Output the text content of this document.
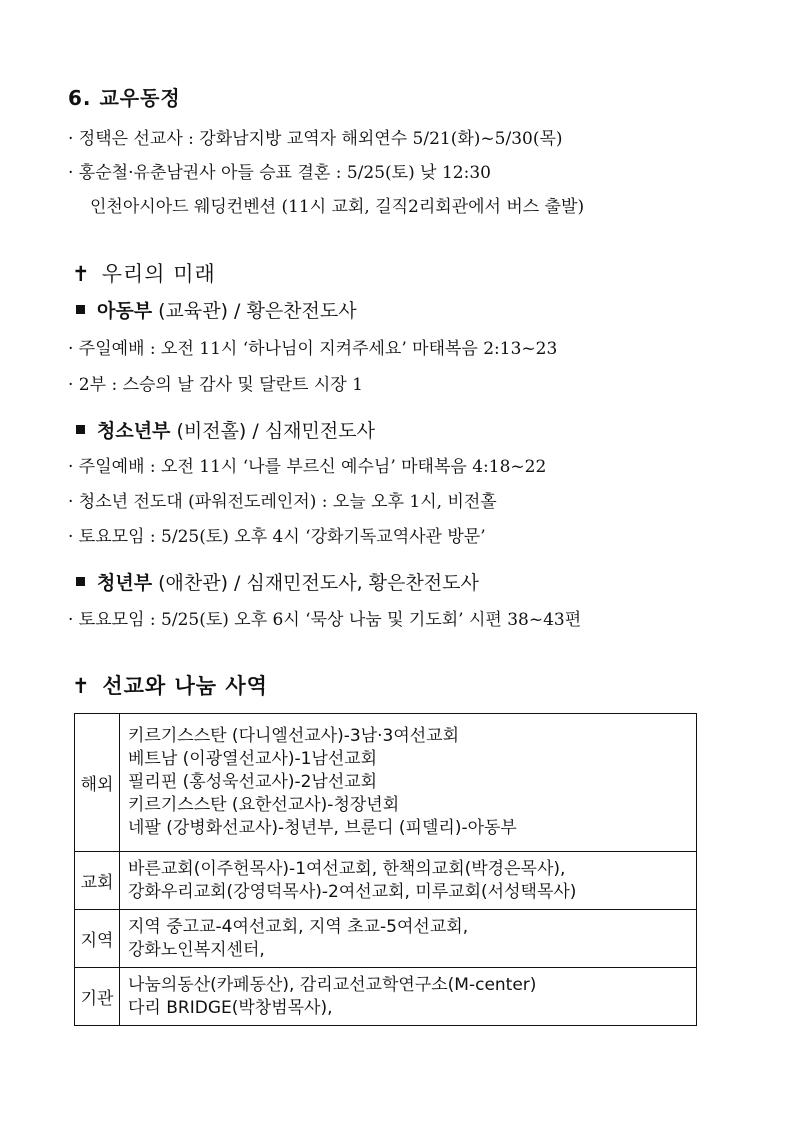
6. 교우동정
· 정택은 선교사 : 강화남지방 교역자 해외연수 5/21(화)~5/30(목)
· 홍순철·유춘남권사 아들 승표 결혼 : 5/25(토) 낮 12:30
인천아시아드 웨딩컨벤션 (11시 교회, 길직2리회관에서 버스 출발)
✝ 우리의 미래
아동부 (교육관) / 황은찬전도사
· 주일예배 : 오전 11시 ‘하나님이 지켜주세요’ 마태복음 2:13~23
· 2부 : 스승의 날 감사 및 달란트 시장 1
청소년부 (비전홀) / 심재민전도사
· 주일예배 : 오전 11시 ‘나를 부르신 예수님’ 마태복음 4:18~22
· 청소년 전도대 (파워전도레인저) : 오늘 오후 1시, 비전홀
· 토요모임 : 5/25(토) 오후 4시 ‘강화기독교역사관 방문’
청년부 (애찬관) / 심재민전도사, 황은찬전도사
· 토요모임 : 5/25(토) 오후 6시 ‘묵상 나눔 및 기도회’ 시편 38~43편
✝ 선교와 나눔 사역
해외	키르기스스탄 (다니엘선교사)-3남·3여선교회
베트남 (이광열선교사)-1남선교회
필리핀 (홍성욱선교사)-2남선교회
키르기스스탄 (요한선교사)-청장년회
네팔 (강병화선교사)-청년부, 브룬디 (피델리)-아동부

교회	바른교회(이주헌목사)-1여선교회, 한책의교회(박경은목사),
강화우리교회(강영덕목사)-2여선교회, 미루교회(서성택목사)

지역	지역 중고교-4여선교회, 지역 초교-5여선교회,
강화노인복지센터,

기관	나눔의동산(카페동산), 감리교선교학연구소(M-center)
다리 BRIDGE(박창범목사),
